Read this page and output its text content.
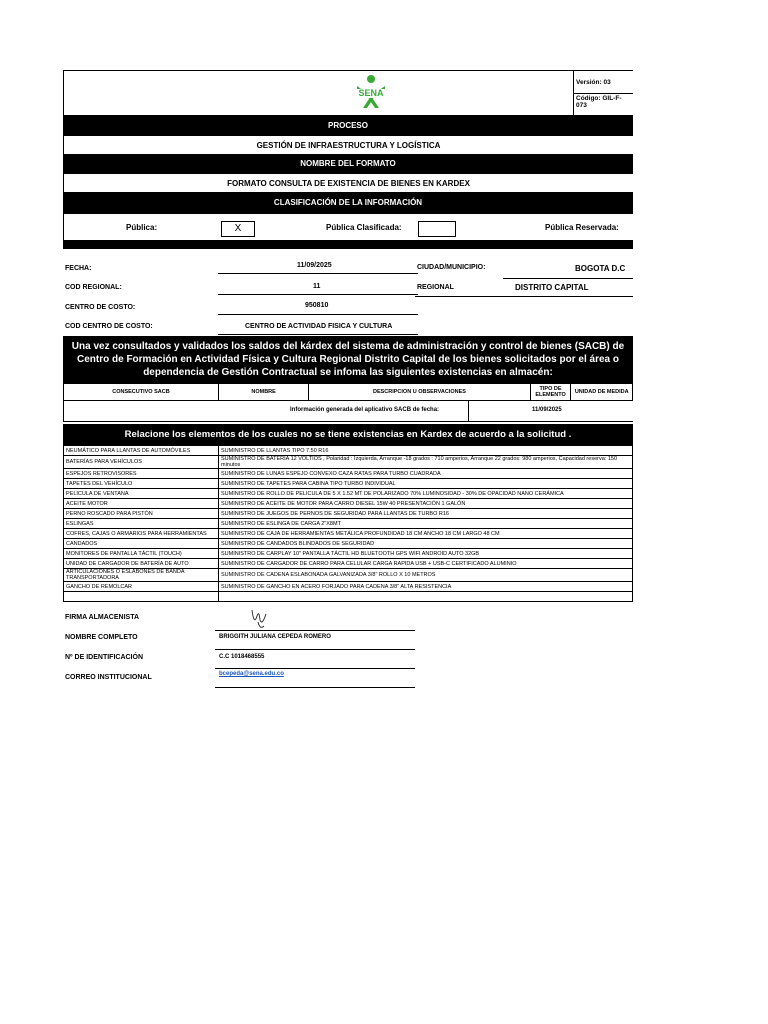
SENA
Versión: 03
Código: GIL-F-073
PROCESO
GESTIÓN DE INFRAESTRUCTURA Y LOGÍSTICA
NOMBRE DEL FORMATO
FORMATO CONSULTA DE EXISTENCIA DE BIENES EN KARDEX
CLASIFICACIÓN DE LA INFORMACIÓN
Pública:	X	Pública Clasificada:	Pública Reservada:
FECHA:	11/09/2025	CIUDAD/MUNICIPIO:	BOGOTA D.C
COD REGIONAL:	11	REGIONAL	DISTRITO CAPITAL
CENTRO DE COSTO:	950810
COD CENTRO DE COSTO:	CENTRO DE ACTIVIDAD FISICA Y CULTURA
Una vez consultados y validados los saldos del kárdex del sistema de administración y control de bienes (SACB) de Centro de Formación en Actividad Física y Cultura Regional Distrito Capital de los bienes solicitados por el área o dependencia de Gestión Contractual se infoma las siguientes existencias en almacén:
CONSECUTIVO SACB	NOMBRE	DESCRIPCION U OBSERVACIONES	TIPO DE ELEMENTO	UNIDAD DE MEDIDA
Información generada del aplicativo SACB de fecha:	11/09/2025
Relacione los elementos de los cuales no se tiene existencias en Kardex de acuerdo a la solicitud .
NEUMÁTICO PARA LLANTAS DE AUTOMÓVILES	SUMINISTRO DE LLANTAS TIPO 7.50 R16
BATERÍAS PARA VEHÍCULOS	SUMINISTRO DE BATERIA 12 VOLTIOS , Polaridad : Izquierda, Arranque -18 grados : 710 amperios, Arranque 22 grados: 980 amperios, Capacidad reserva: 150 minutos
ESPEJOS RETROVISORES	SUMINISTRO DE LUNAS ESPEJO CONVEXO CAZA RATAS PARA TURBO CUADRADA
TAPETES DEL VEHÍCULO	SUMINISTRO DE TAPETES PARA CABINA TIPO TURBO INDIVIDUAL
PELICULA DE VENTANA	SUMINISTRO DE ROLLO DE PELICULA DE 5 X 1.52 MT DE POLARIZADO 70% LUMINOSIDAD - 30% DE OPACIDAD NANO CERÁMICA
ACEITE MOTOR	SUMINISTRO DE ACEITE DE MOTOR PARA CARRO DIESEL 15W 40 PRESENTACIÓN 1 GALÓN
PERNO ROSCADO PARA PISTÓN	SUMINISTRO DE JUEGOS DE PERNOS DE SEGURIDAD PARA LLANTAS DE TURBO R16
ESLINGAS	SUMINISTRO DE ESLINGA DE CARGA 2"X8MT
COFRES, CAJAS O ARMARIOS PARA HERRAMIENTAS	SUMINISTRO DE CAJA DE HERRAMIENTAS METÁLICA PROFUNDIDAD 18 CM ANCHO 18 CM LARGO 48 CM
CANDADOS	SUMINISTRO DE CANDADOS BLINDADOS DE SEGURIDAD
MONITORES DE PANTALLA TÁCTIL (TOUCH)	SUMINISTRO DE CARPLAY 10" PANTALLA TÁCTIL HD BLUETOOTH GPS WIFI ANDROID AUTO 32GB
UNIDAD DE CARGADOR DE BATERÍA DE AUTO	SUMINISTRO DE CARGADOR DE CARRO PARA CELULAR CARGA RAPIDA USB + USB-C CERTIFICADO ALUMINIO
ARTICULACIONES O ESLABONES DE BANDA TRANSPORTADORA	SUMINISTRO DE CADENA ESLABONADA GALVANIZADA 3/8" ROLLO X 10 METROS
GANCHO DE REMOLCAR	SUMINISTRO DE GANCHO EN ACERO FORJADO PARA CADENA 3/8" ALTA RESISTENCIA

FIRMA ALMACENISTA
NOMBRE COMPLETO	BRIGGITH JULIANA CEPEDA ROMERO
Nº DE IDENTIFICACIÓN	C.C 1018468555
CORREO INSTITUCIONAL	bcepeda@sena.edu.co
